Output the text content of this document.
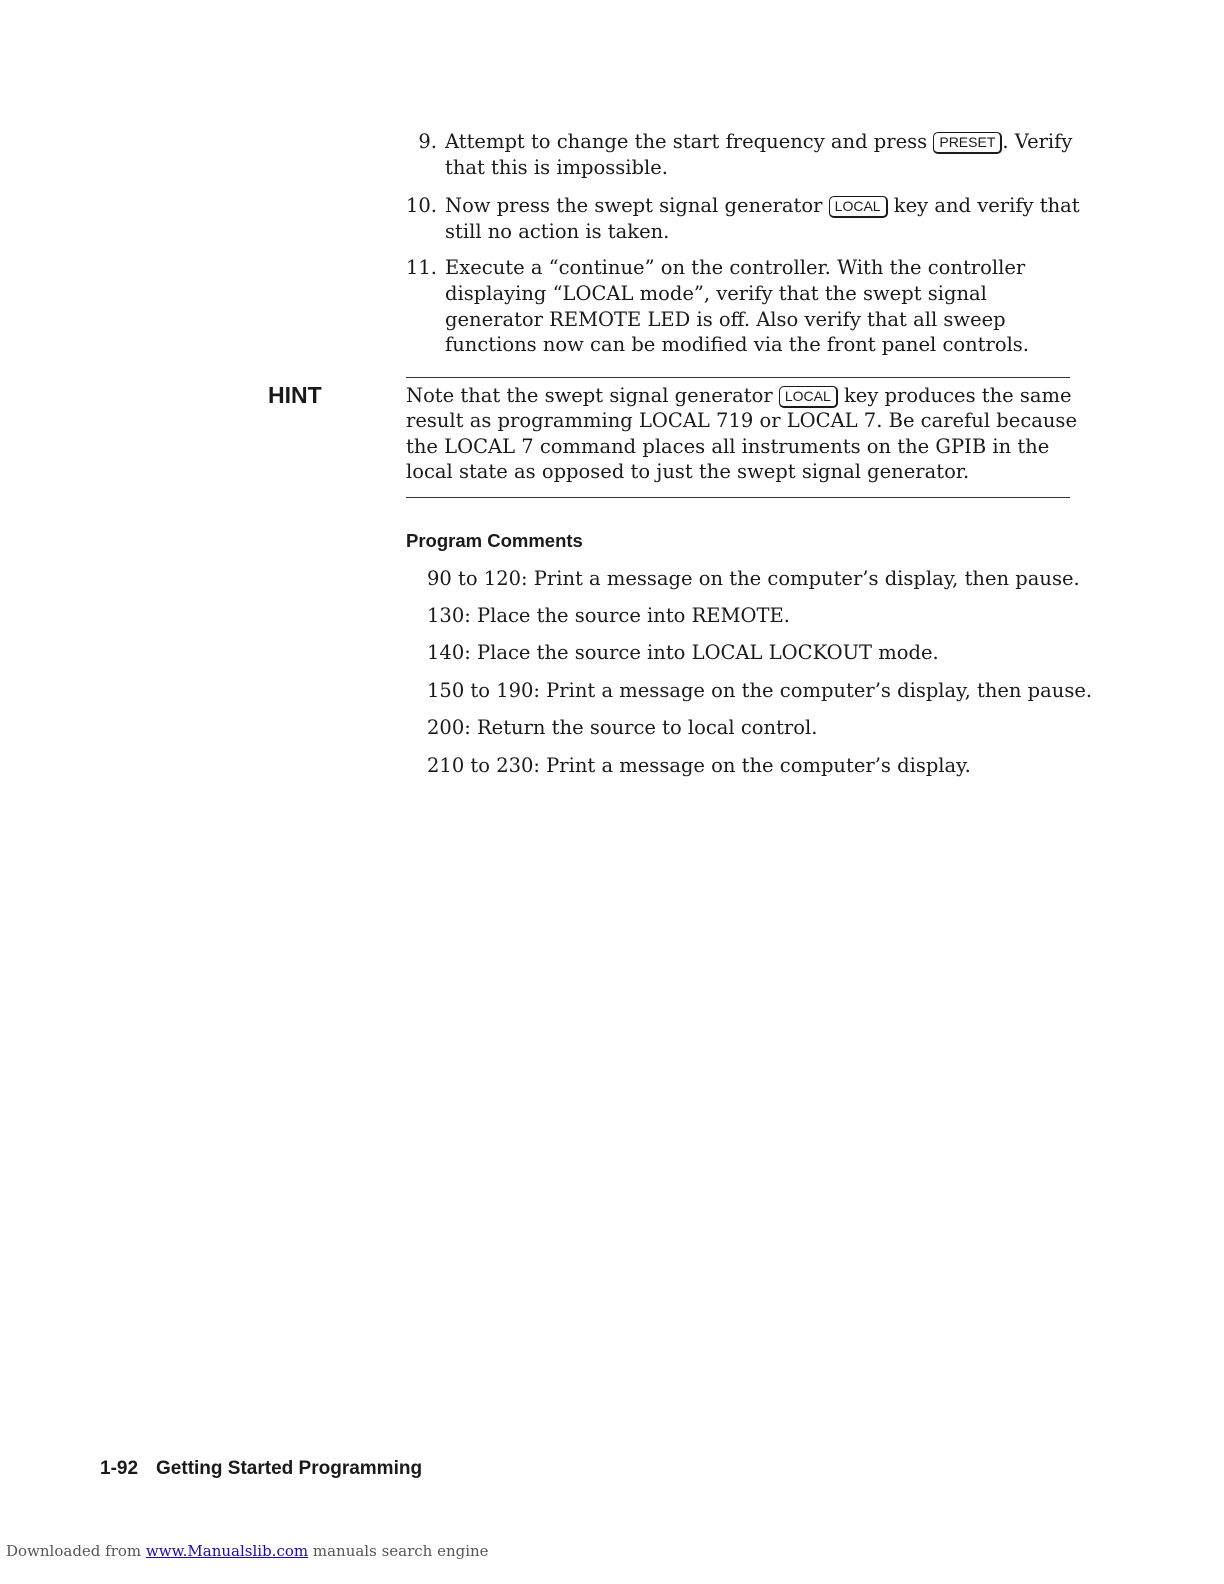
9. Attempt to change the start frequency and press PRESET . Verify
that this is impossible.
10. Now press the swept signal generator LOCAL key and verify that
still no action is taken.
11. Execute a “continue” on the controller. With the controller
displaying “LOCAL mode”, verify that the swept signal
generator REMOTE LED is off. Also verify that all sweep
functions now can be modified via the front panel controls.
HINT	Note that the swept signal generator LOCAL key produces the same
result as programming LOCAL 719 or LOCAL 7. Be careful because
the LOCAL 7 command places all instruments on the GPIB in the
local state as opposed to just the swept signal generator.
Program Comments
90 to 120: Print a message on the computer’s display, then pause.
130: Place the source into REMOTE.
140: Place the source into LOCAL LOCKOUT mode.
150 to 190: Print a message on the computer’s display, then pause.
200: Return the source to local control.
210 to 230: Print a message on the computer’s display.
1-92 Getting Started Programming
Downloaded from www.Manualslib.com manuals search engine
